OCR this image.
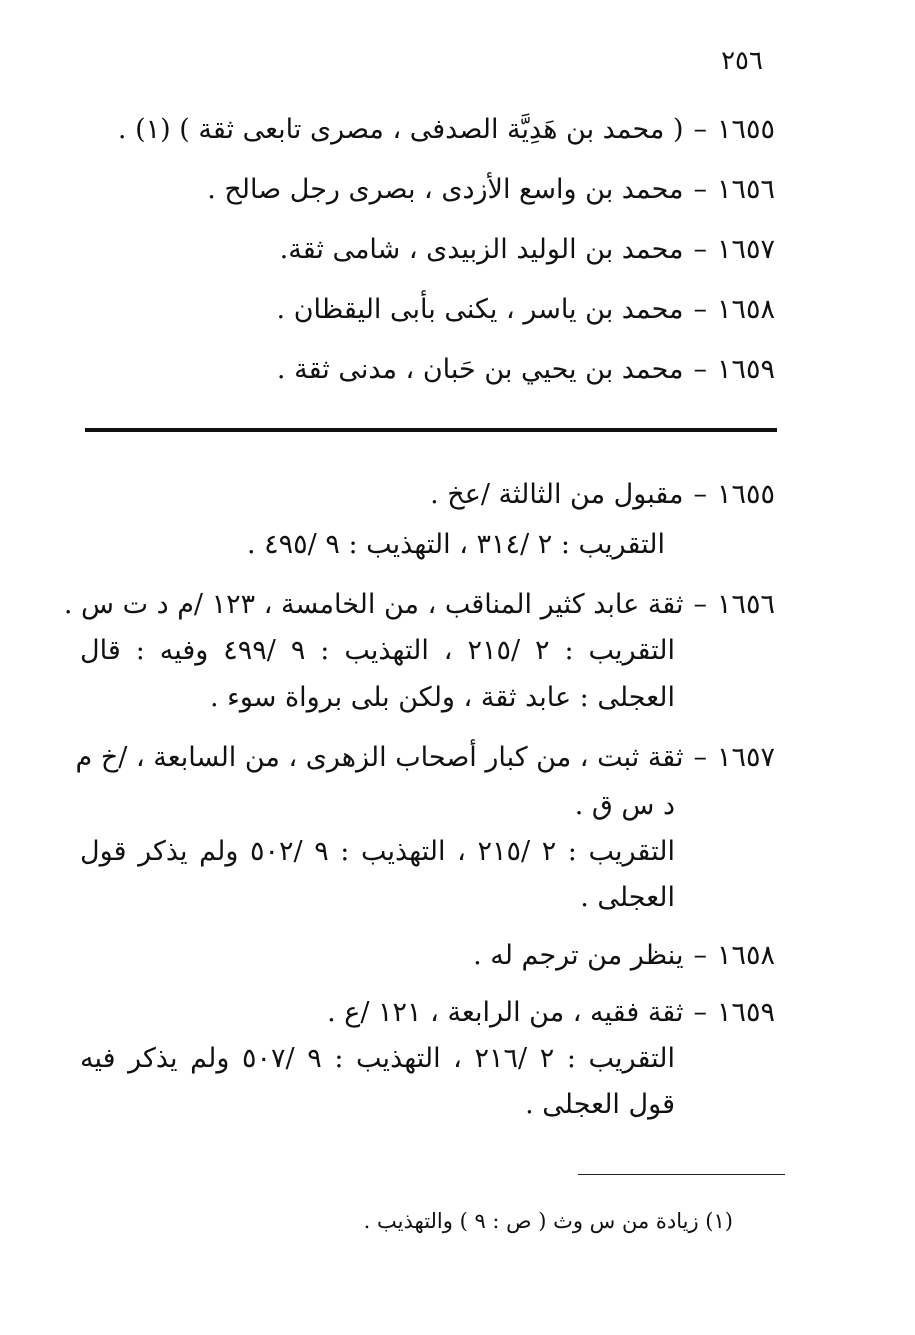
٢٥٦
١٦٥٥–( محمد بن هَدِيَّة الصدفى ، مصرى تابعى ثقة ) (١) .
١٦٥٦–محمد بن واسع الأزدى ، بصرى رجل صالح .
١٦٥٧–محمد بن الوليد الزبيدى ، شامى ثقة.
١٦٥٨–محمد بن ياسر ، يكنى بأبى اليقظان .
١٦٥٩–محمد بن يحيي بن حَبان ، مدنى ثقة .
١٦٥٥–مقبول من الثالثة /عخ .
التقريب : ٢ /٣١٤ ، التهذيب : ٩ /٤٩٥ .
١٦٥٦–ثقة عابد كثير المناقب ، من الخامسة ، ١٢٣ /م د ت س .
التقريب : ٢ /٢١٥ ، التهذيب : ٩ /٤٩٩ وفيه : قال
العجلى : عابد ثقة ، ولكن بلى برواة سوء .
١٦٥٧–ثقة ثبت ، من كبار أصحاب الزهرى ، من السابعة ، /خ م
د س ق .
التقريب : ٢ /٢١٥ ، التهذيب : ٩ /٥٠٢ ولم يذكر قول
العجلى .
١٦٥٨–ينظر من ترجم له .
١٦٥٩–ثقة فقيه ، من الرابعة ، ١٢١ /ع .
التقريب : ٢ /٢١٦ ، التهذيب : ٩ /٥٠٧ ولم يذكر فيه
قول العجلى .
(١) زيادة من س وث ( ص : ٩ ) والتهذيب .
